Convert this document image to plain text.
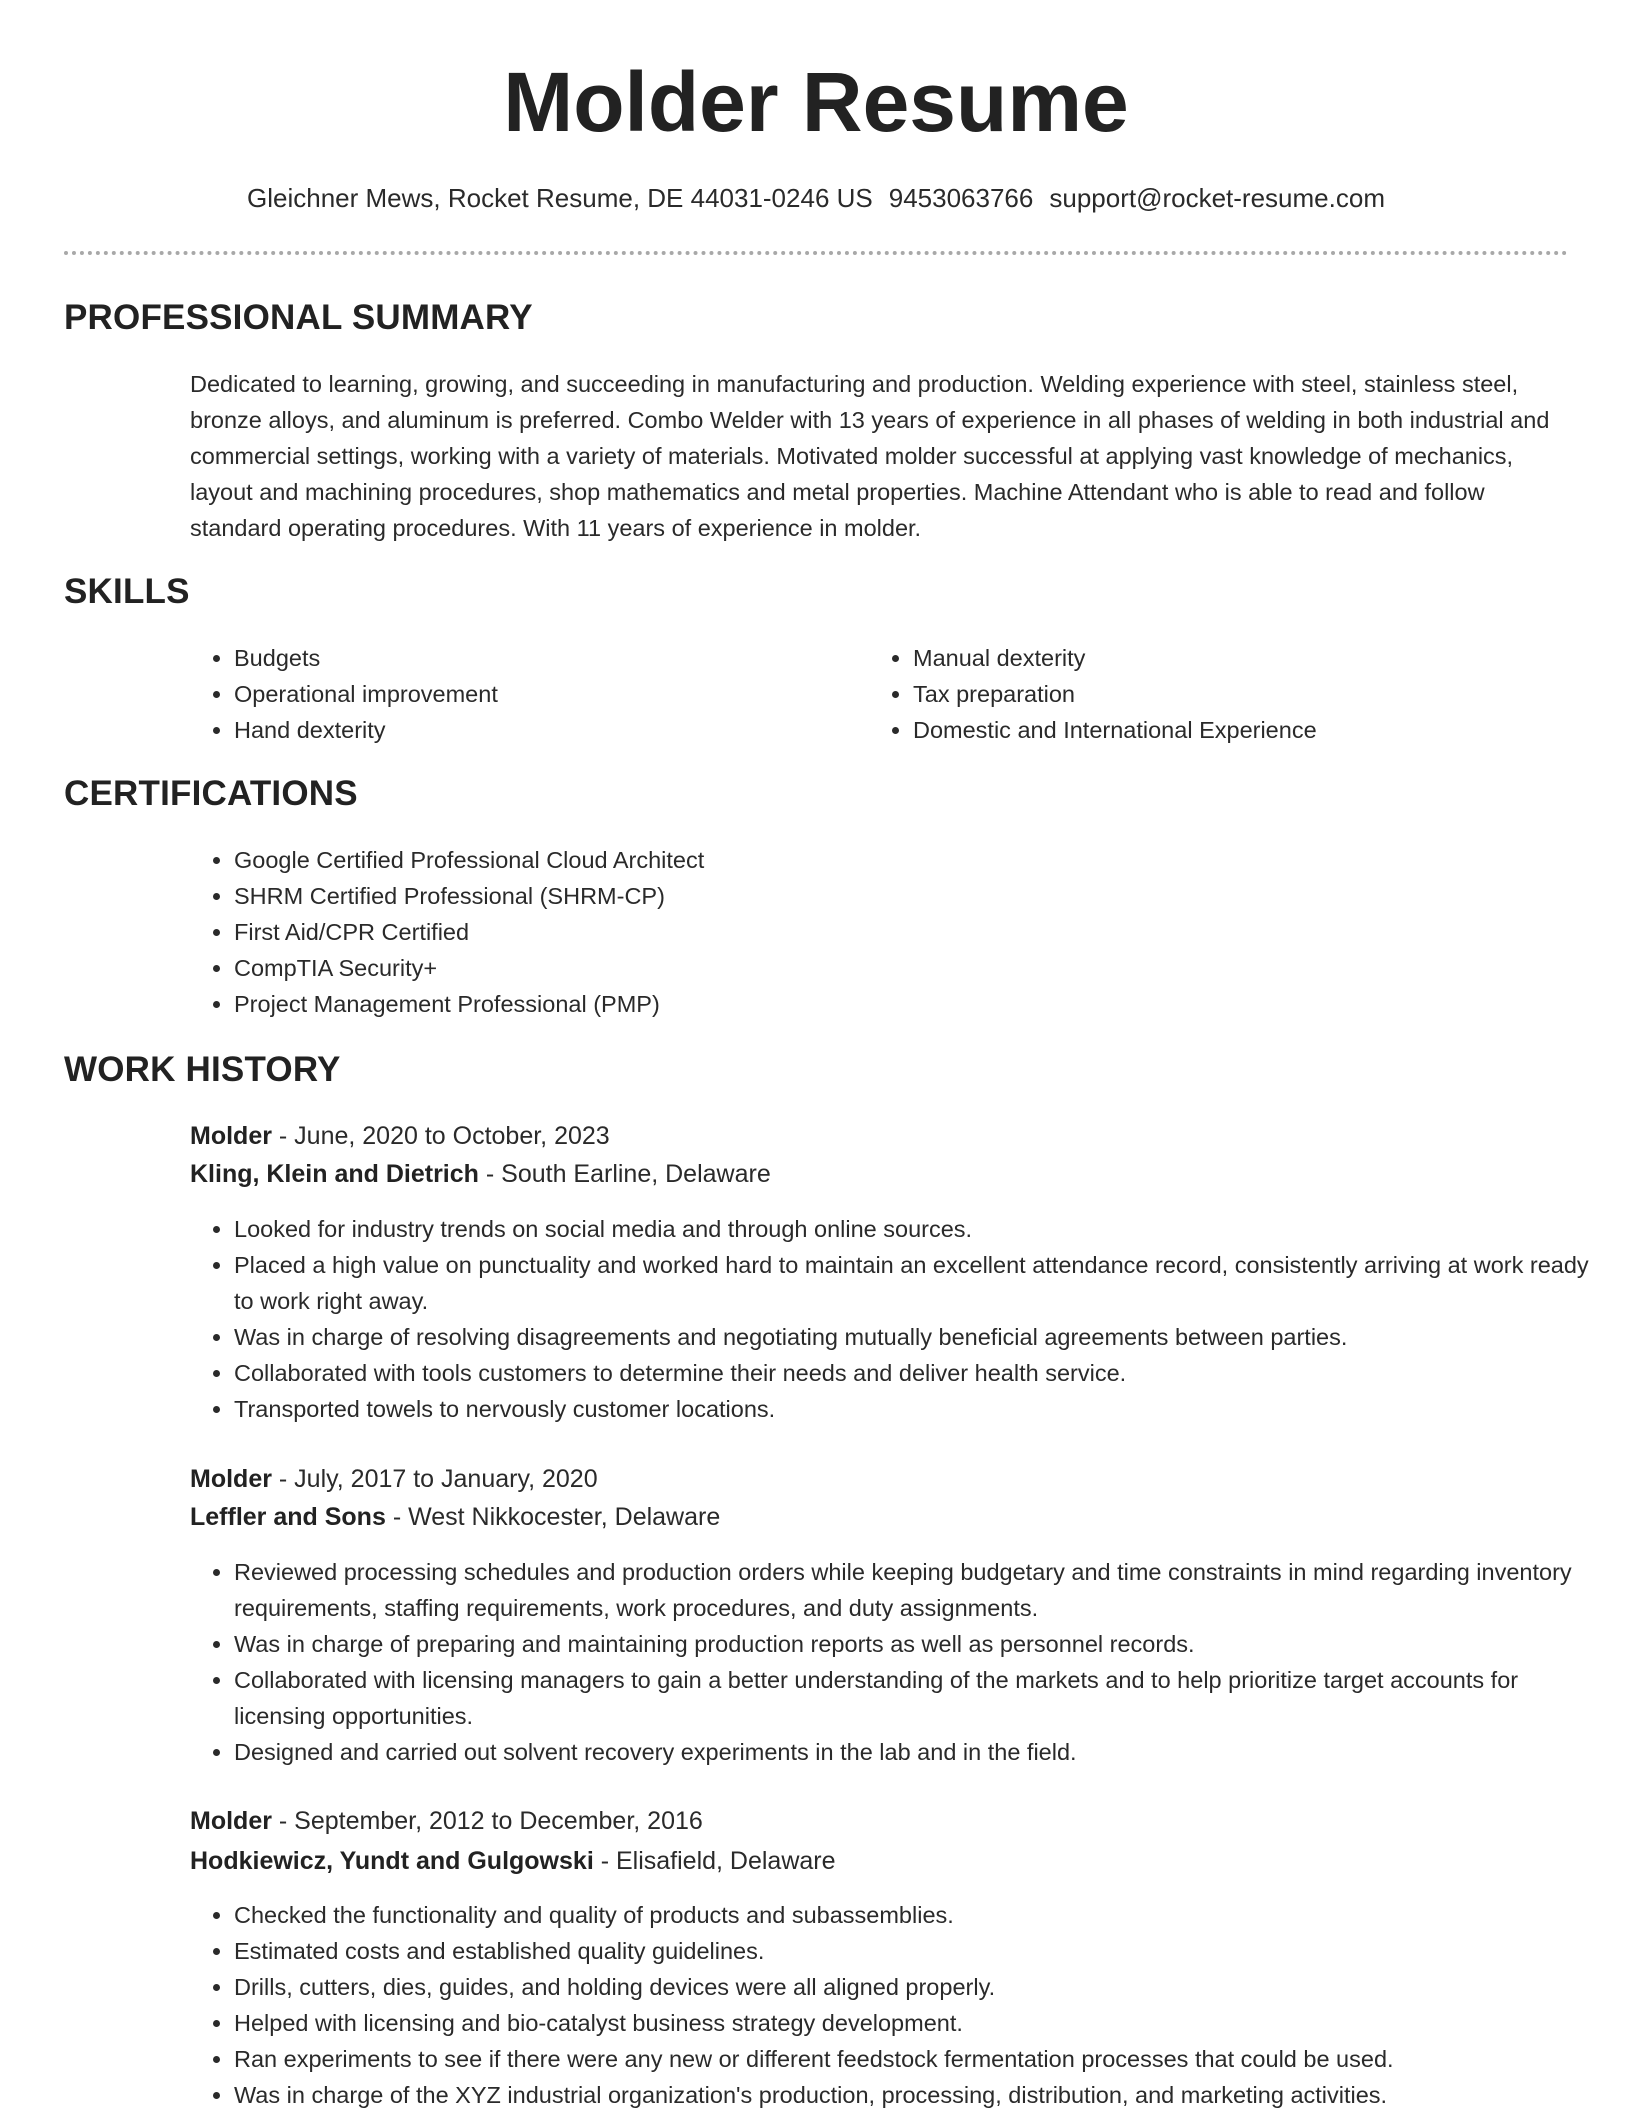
Molder Resume
Gleichner Mews, Rocket Resume, DE 44031-0246 US 9453063766 support@rocket-resume.com
PROFESSIONAL SUMMARY

Dedicated to learning, growing, and succeeding in manufacturing and production. Welding experience with steel, stainless steel, bronze alloys, and aluminum is preferred. Combo Welder with 13 years of experience in all phases of welding in both industrial and commercial settings, working with a variety of materials. Motivated molder successful at applying vast knowledge of mechanics, layout and machining procedures, shop mathematics and metal properties. Machine Attendant who is able to read and follow standard operating procedures. With 11 years of experience in molder.

SKILLS
• Budgets
• Operational improvement
• Hand dexterity
• Manual dexterity
• Tax preparation
• Domestic and International Experience
CERTIFICATIONS
• Google Certified Professional Cloud Architect
• SHRM Certified Professional (SHRM-CP)
• First Aid/CPR Certified
• CompTIA Security+
• Project Management Professional (PMP)
WORK HISTORY
Molder - June, 2020 to October, 2023
Kling, Klein and Dietrich - South Earline, Delaware
• Looked for industry trends on social media and through online sources.
• Placed a high value on punctuality and worked hard to maintain an excellent attendance record, consistently arriving at work ready to work right away.
• Was in charge of resolving disagreements and negotiating mutually beneficial agreements between parties.
• Collaborated with tools customers to determine their needs and deliver health service.
• Transported towels to nervously customer locations.
Molder - July, 2017 to January, 2020
Leffler and Sons - West Nikkocester, Delaware
• Reviewed processing schedules and production orders while keeping budgetary and time constraints in mind regarding inventory requirements, staffing requirements, work procedures, and duty assignments.
• Was in charge of preparing and maintaining production reports as well as personnel records.
• Collaborated with licensing managers to gain a better understanding of the markets and to help prioritize target accounts for licensing opportunities.
• Designed and carried out solvent recovery experiments in the lab and in the field.
Molder - September, 2012 to December, 2016
Hodkiewicz, Yundt and Gulgowski - Elisafield, Delaware
• Checked the functionality and quality of products and subassemblies.
• Estimated costs and established quality guidelines.
• Drills, cutters, dies, guides, and holding devices were all aligned properly.
• Helped with licensing and bio-catalyst business strategy development.
• Ran experiments to see if there were any new or different feedstock fermentation processes that could be used.
• Was in charge of the XYZ industrial organization's production, processing, distribution, and marketing activities.
